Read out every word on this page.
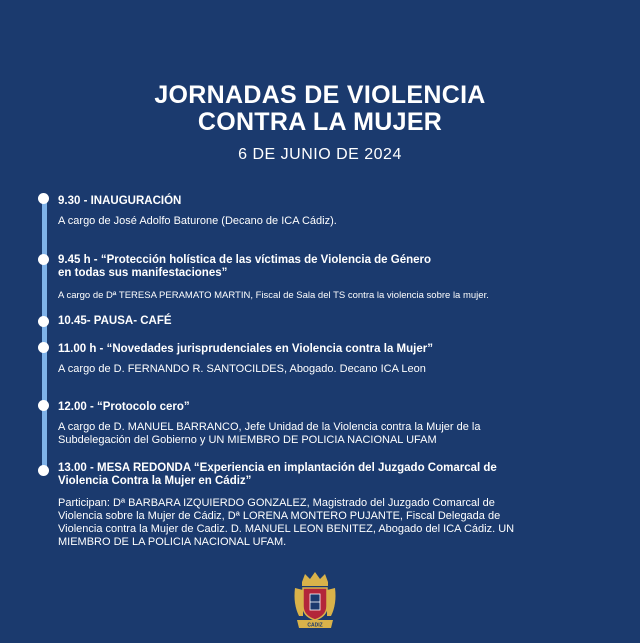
JORNADAS DE VIOLENCIA
CONTRA LA MUJER
6 DE JUNIO DE 2024
9.30 - INAUGURACIÓN
A cargo de José Adolfo Baturone (Decano de ICA Cádiz).
9.45 h - “Protección holística de las víctimas de Violencia de Género
en todas sus manifestaciones”
A cargo de Dª TERESA PERAMATO MARTIN, Fiscal de Sala del TS contra la violencia sobre la mujer.
10.45- PAUSA- CAFÉ
11.00 h - “Novedades jurisprudenciales en Violencia contra la Mujer”
A cargo de D. FERNANDO R. SANTOCILDES, Abogado. Decano ICA Leon
12.00 - “Protocolo cero”
A cargo de D. MANUEL BARRANCO, Jefe Unidad de la Violencia contra la Mujer de la
Subdelegación del Gobierno y UN MIEMBRO DE POLICIA NACIONAL UFAM
13.00 - MESA REDONDA “Experiencia en implantación del Juzgado Comarcal de
Violencia Contra la Mujer en Cádiz”
Participan: Dª BARBARA IZQUIERDO GONZALEZ, Magistrado del Juzgado Comarcal de
Violencia sobre la Mujer de Cádiz, Dª LORENA MONTERO PUJANTE, Fiscal Delegada de
Violencia contra la Mujer de Cadiz. D. MANUEL LEON BENITEZ, Abogado del ICA Cádiz. UN
MIEMBRO DE LA POLICIA NACIONAL UFAM.
CADIZ
